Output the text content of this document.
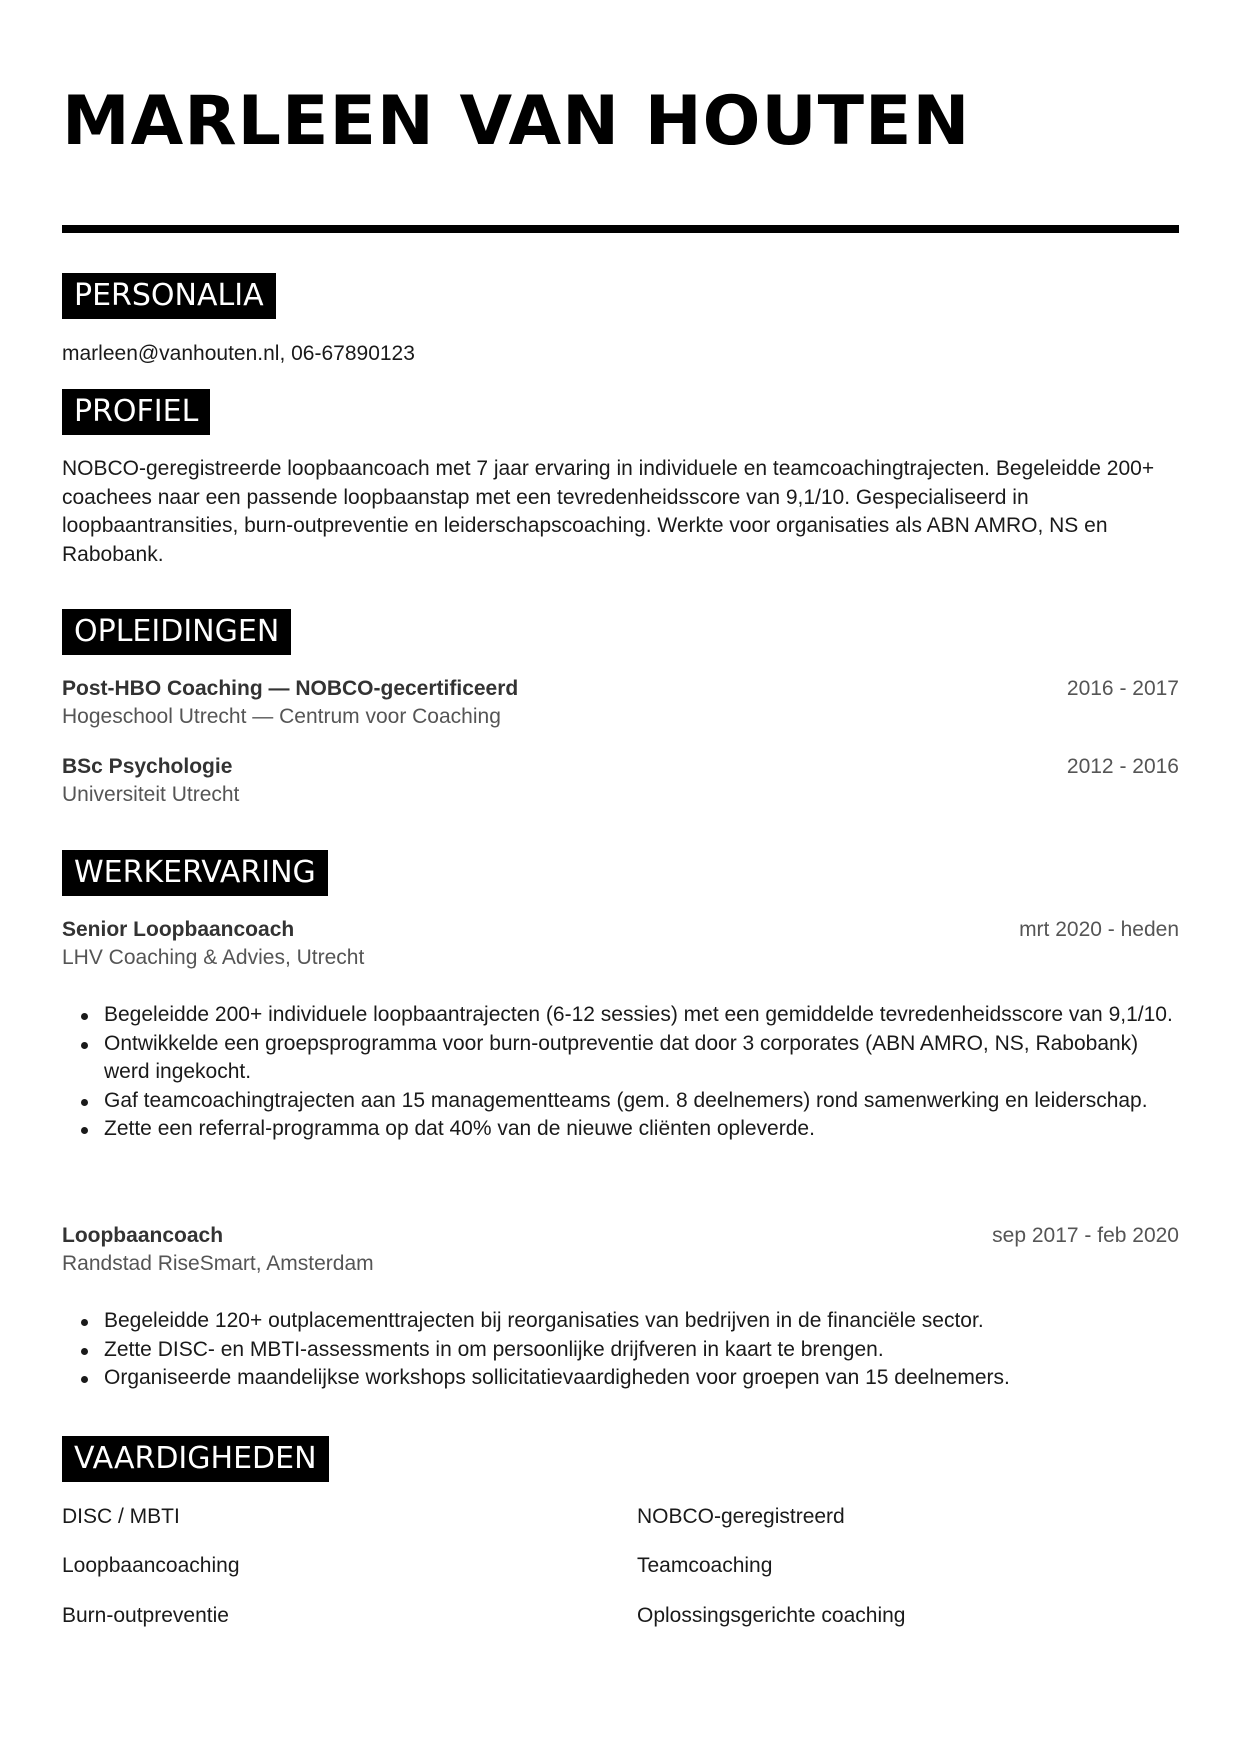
MARLEEN VAN HOUTEN
PERSONALIA
marleen@vanhouten.nl, 06-67890123
PROFIEL
NOBCO-geregistreerde loopbaancoach met 7 jaar ervaring in individuele en teamcoachingtrajecten. Begeleidde 200+ coachees naar een passende loopbaanstap met een tevredenheidsscore van 9,1/10. Gespecialiseerd in loopbaantransities, burn-outpreventie en leiderschapscoaching. Werkte voor organisaties als ABN AMRO, NS en Rabobank.
OPLEIDINGEN
Post-HBO Coaching — NOBCO-gecertificeerd	2016 - 2017
Hogeschool Utrecht — Centrum voor Coaching
BSc Psychologie	2012 - 2016
Universiteit Utrecht
WERKERVARING
Senior Loopbaancoach	mrt 2020 - heden
LHV Coaching & Advies, Utrecht
Begeleidde 200+ individuele loopbaantrajecten (6-12 sessies) met een gemiddelde tevredenheidsscore van 9,1/10.
Ontwikkelde een groepsprogramma voor burn-outpreventie dat door 3 corporates (ABN AMRO, NS, Rabobank) werd ingekocht.
Gaf teamcoachingtrajecten aan 15 managementteams (gem. 8 deelnemers) rond samenwerking en leiderschap.
Zette een referral-programma op dat 40% van de nieuwe cliënten opleverde.
Loopbaancoach	sep 2017 - feb 2020
Randstad RiseSmart, Amsterdam
Begeleidde 120+ outplacementtrajecten bij reorganisaties van bedrijven in de financiële sector.
Zette DISC- en MBTI-assessments in om persoonlijke drijfveren in kaart te brengen.
Organiseerde maandelijkse workshops sollicitatievaardigheden voor groepen van 15 deelnemers.
VAARDIGHEDEN
DISC / MBTI	NOBCO-geregistreerd
Loopbaancoaching	Teamcoaching
Burn-outpreventie	Oplossingsgerichte coaching
